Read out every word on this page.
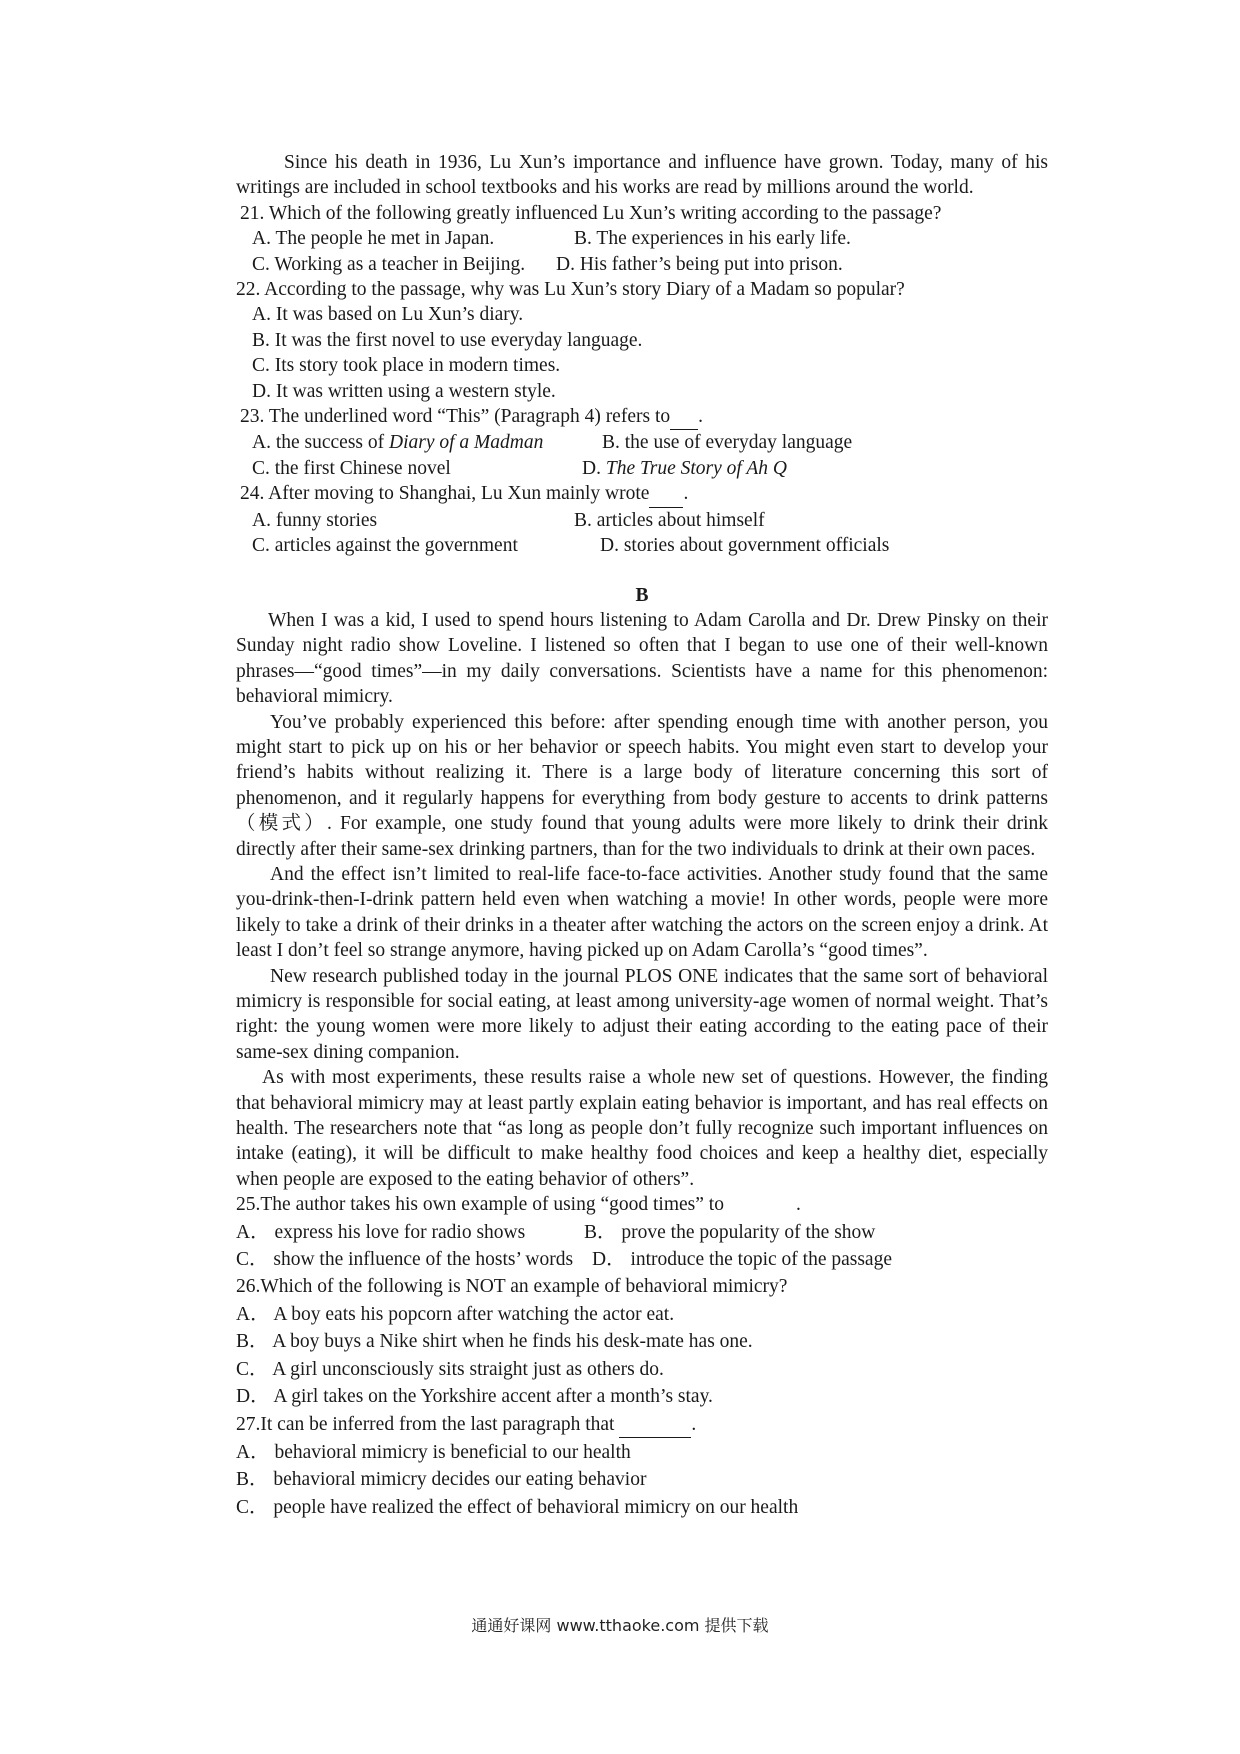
Since his death in 1936, Lu Xun’s importance and influence have grown. Today, many of his writings are included in school textbooks and his works are read by millions around the world.

21. Which of the following greatly influenced Lu Xun’s writing according to the passage?

A. The people he met in Japan.	B. The experiences in his early life.
C. Working as a teacher in Beijing.	D. His father’s being put into prison.

22. According to the passage, why was Lu Xun’s story Diary of a Madam so popular?

A. It was based on Lu Xun’s diary.

B. It was the first novel to use everyday language.

C. Its story took place in modern times.

D. It was written using a western style.

23. The underlined word “This” (Paragraph 4) refers to .

A. the success of Diary of a Madman	B. the use of everyday language
C. the first Chinese novel	D. The True Story of Ah Q

24. After moving to Shanghai, Lu Xun mainly wrote .

A. funny stories	B. articles about himself
C. articles against the government	D. stories about government officials

B

When I was a kid, I used to spend hours listening to Adam Carolla and Dr. Drew Pinsky on their Sunday night radio show Loveline. I listened so often that I began to use one of their well-known phrases—“good times”—in my daily conversations. Scientists have a name for this phenomenon: behavioral mimicry.

You’ve probably experienced this before: after spending enough time with another person, you might start to pick up on his or her behavior or speech habits. You might even start to develop your friend’s habits without realizing it. There is a large body of literature concerning this sort of phenomenon, and it regularly happens for everything from body gesture to accents to drink patterns（模式）. For example, one study found that young adults were more likely to drink their drink directly after their same-sex drinking partners, than for the two individuals to drink at their own paces.

And the effect isn’t limited to real-life face-to-face activities. Another study found that the same you-drink-then-I-drink pattern held even when watching a movie! In other words, people were more likely to take a drink of their drinks in a theater after watching the actors on the screen enjoy a drink. At least I don’t feel so strange anymore, having picked up on Adam Carolla’s “good times”.

New research published today in the journal PLOS ONE indicates that the same sort of behavioral mimicry is responsible for social eating, at least among university-age women of normal weight. That’s right: the young women were more likely to adjust their eating according to the eating pace of their same-sex dining companion.

As with most experiments, these results raise a whole new set of questions. However, the finding that behavioral mimicry may at least partly explain eating behavior is important, and has real effects on health. The researchers note that “as long as people don’t fully recognize such important influences on intake (eating), it will be difficult to make healthy food choices and keep a healthy diet, especially when people are exposed to the eating behavior of others”.

25.The author takes his own example of using “good times” to	.

A． express his love for radio shows	B． prove the popularity of the show
C． show the influence of the hosts’ words D． introduce the topic of the passage

26.Which of the following is NOT an example of behavioral mimicry?

A． A boy eats his popcorn after watching the actor eat.

B． A boy buys a Nike shirt when he finds his desk-mate has one.

C． A girl unconsciously sits straight just as others do.

D． A girl takes on the Yorkshire accent after a month’s stay.

27.It can be inferred from the last paragraph that	.

A． behavioral mimicry is beneficial to our health

B． behavioral mimicry decides our eating behavior

C． people have realized the effect of behavioral mimicry on our health

通通好课网 www.tthaoke.com 提供下载
